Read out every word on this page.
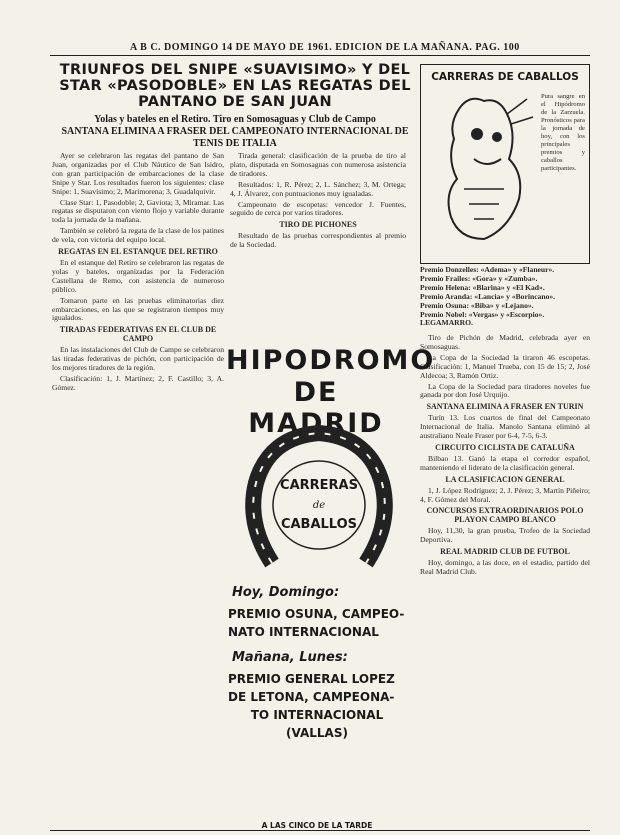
A B C. DOMINGO 14 DE MAYO DE 1961. EDICION DE LA MAÑANA. PAG. 100
TRIUNFOS DEL SNIPE «SUAVISIMO» Y DEL STAR «PASODOBLE» EN LAS REGATAS DEL PANTANO DE SAN JUAN
Yolas y bateles en el Retiro. Tiro en Somosaguas y Club de Campo
SANTANA ELIMINA A FRASER DEL CAMPEONATO INTERNACIONAL DE TENIS DE ITALIA

Ayer se celebraron las regatas del pantano de San Juan, organizadas por el Club Náutico de San Isidro, con gran participación de embarcaciones de la clase Snipe y Star. Los resultados fueron los siguientes: clase Snipe: 1, Suavísimo; 2, Marimorena; 3, Guadalquivir.

Clase Star: 1, Pasodoble; 2, Gaviota; 3, Miramar. Las regatas se disputaron con viento flojo y variable durante toda la jornada de la mañana.

También se celebró la regata de la clase de los patines de vela, con victoria del equipo local.

REGATAS EN EL ESTANQUE DEL RETIRO

En el estanque del Retiro se celebraron las regatas de yolas y bateles, organizadas por la Federación Castellana de Remo, con asistencia de numeroso público.

Tomaron parte en las pruebas eliminatorias diez embarcaciones, en las que se registraron tiempos muy igualados.

TIRADAS FEDERATIVAS EN EL CLUB DE CAMPO

En las instalaciones del Club de Campo se celebraron las tiradas federativas de pichón, con participación de los mejores tiradores de la región.

Clasificación: 1, J. Martínez; 2, F. Castillo; 3, A. Gómez.

Tirada general: clasificación de la prueba de tiro al plato, disputada en Somosaguas con numerosa asistencia de tiradores.

Resultados: 1, R. Pérez; 2, L. Sánchez; 3, M. Ortega; 4, J. Álvarez, con puntuaciones muy igualadas.

Campeonato de escopetas: vencedor J. Fuentes, seguido de cerca por varios tiradores.

TIRO DE PICHONES

Resultado de las pruebas correspondientes al premio de la Sociedad.

CARRERAS DE CABALLOS
Pura sangre en el Hipódromo de la Zarzuela. Pronósticos para la jornada de hoy, con los principales premios y caballos participantes.
Premio Donzelles: «Adema» y «Flaneur».
Premio Frailes: «Gora» y «Zumba».
Premio Helena: «Blarina» y «El Kad».
Premio Aranda: «Lancia» y «Borincano».
Premio Osuna: «Biba» y «Lejano».
Premio Nobel: «Vergas» y «Escorpio».
LEGAMARRO.

Tiro de Pichón de Madrid, celebrada ayer en Somosaguas.

La Copa de la Sociedad la tiraron 46 escopetas. Clasificación: 1, Manuel Trueba, con 15 de 15; 2, José Aldecoa; 3, Ramón Ortiz.

La Copa de la Sociedad para tiradores noveles fue ganada por don José Urquijo.

SANTANA ELIMINA A FRASER EN TURIN

Turín 13. Los cuartos de final del Campeonato Internacional de Italia. Manolo Santana eliminó al australiano Neale Fraser por 6-4, 7-5, 6-3.

CIRCUITO CICLISTA DE CATALUÑA

Bilbao 13. Ganó la etapa el corredor español, manteniendo el liderato de la clasificación general.

LA CLASIFICACION GENERAL

1, J. López Rodríguez; 2, J. Pérez; 3, Martín Piñeiro; 4, F. Gómez del Moral.

CONCURSOS EXTRAORDINARIOS POLO PLAYON CAMPO BLANCO

Hoy, 11,30, la gran prueba, Trofeo de la Sociedad Deportiva.

REAL MADRID CLUB DE FUTBOL

Hoy, domingo, a las doce, en el estadio, partido del Real Madrid Club.

HIPODROMO
DE MADRID
CARRERAS
de
CABALLOS
Hoy, Domingo:
PREMIO OSUNA, CAMPEO-
NATO INTERNACIONAL
Mañana, Lunes:
PREMIO GENERAL LOPEZ
DE LETONA, CAMPEONA-
TO INTERNACIONAL
(VALLAS)
A LAS CINCO DE LA TARDE
